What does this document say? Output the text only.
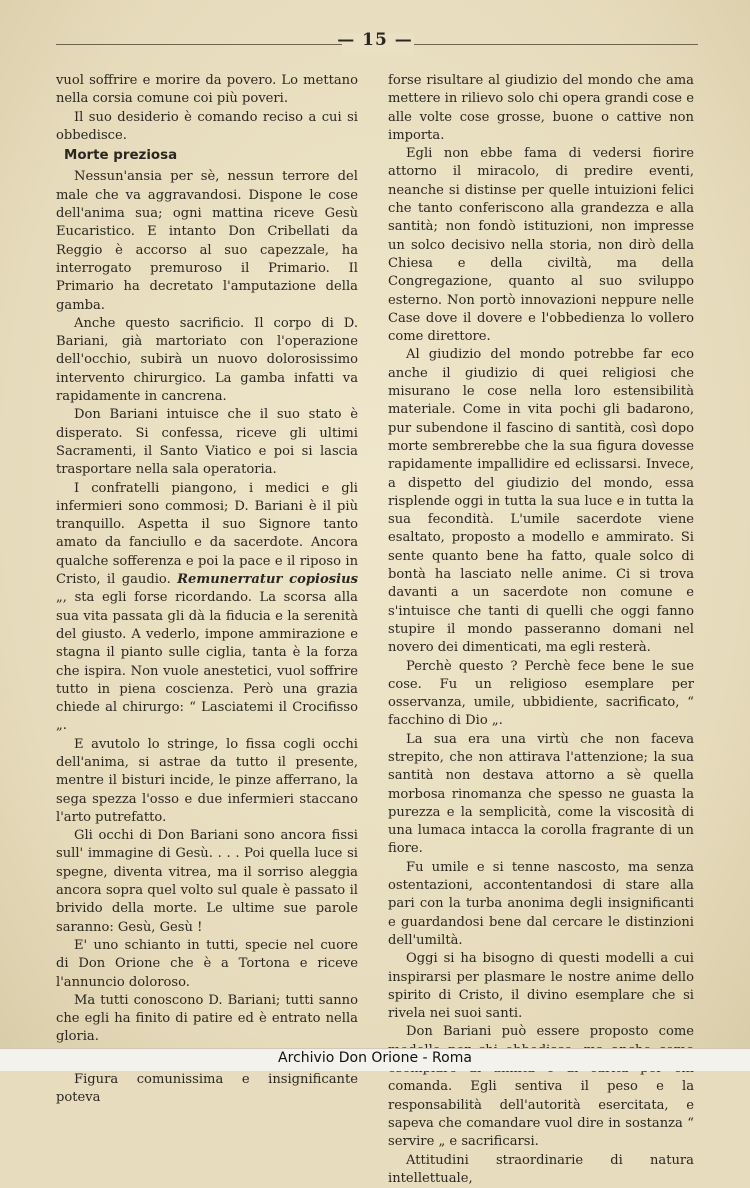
— 15 —

vuol soffrire e morire da povero. Lo mettano nella corsia comune coi più poveri.

Il suo desiderio è comando reciso a cui si obbedisce.

Morte preziosa

Nessun'ansia per sè, nessun terrore del male che va aggravandosi. Dispone le cose dell'anima sua; ogni mattina riceve Gesù Eucaristico. E intanto Don Cribellati da Reggio è accorso al suo capezzale, ha interrogato premuroso il Primario. Il Primario ha decretato l'amputazione della gamba.

Anche questo sacrificio. Il corpo di D. Bariani, già martoriato con l'operazione dell'occhio, subirà un nuovo dolorosissimo intervento chirurgico. La gamba infatti va rapidamente in cancrena.

Don Bariani intuisce che il suo stato è disperato. Si confessa, riceve gli ultimi Sacramenti, il Santo Viatico e poi si lascia trasportare nella sala operatoria.

I confratelli piangono, i medici e gli infermieri sono commosi; D. Bariani è il più tranquillo. Aspetta il suo Signore tanto amato da fanciullo e da sacerdote. Ancora qualche sofferenza e poi la pace e il riposo in Cristo, il gaudio. Remunerratur copiosius „, sta egli forse ricordando. La scorsa alla sua vita passata gli dà la fiducia e la serenità del giusto. A vederlo, impone ammirazione e stagna il pianto sulle ciglia, tanta è la forza che ispira. Non vuole anestetici, vuol soffrire tutto in piena coscienza. Però una grazia chiede al chirurgo: “ Lasciatemi il Crocifisso „.

E avutolo lo stringe, lo fissa cogli occhi dell'anima, si astrae da tutto il presente, mentre il bisturi incide, le pinze afferrano, la sega spezza l'osso e due infermieri staccano l'arto putrefatto.

Gli occhi di Don Bariani sono ancora fissi sull' immagine di Gesù. . . . Poi quella luce si spegne, diventa vitrea, ma il sorriso aleggia ancora sopra quel volto sul quale è passato il brivido della morte. Le ultime sue parole saranno: Gesù, Gesù !

E' uno schianto in tutti, specie nel cuore di Don Orione che è a Tortona e riceve l'annuncio doloroso.

Ma tutti conoscono D. Bariani; tutti sanno che egli ha finito di patire ed è entrato nella gloria.

Figura comunissima e insignificante poteva

forse risultare al giudizio del mondo che ama mettere in rilievo solo chi opera grandi cose e alle volte cose grosse, buone o cattive non importa.

Egli non ebbe fama di vedersi fiorire attorno il miracolo, di predire eventi, neanche si distinse per quelle intuizioni felici che tanto conferiscono alla grandezza e alla santità; non fondò istituzioni, non impresse un solco decisivo nella storia, non dirò della Chiesa e della civiltà, ma della Congregazione, quanto al suo sviluppo esterno. Non portò innovazioni neppure nelle Case dove il dovere e l'obbedienza lo vollero come direttore.

Al giudizio del mondo potrebbe far eco anche il giudizio di quei religiosi che misurano le cose nella loro estensibilità materiale. Come in vita pochi gli badarono, pur subendone il fascino di santità, così dopo morte sembrerebbe che la sua figura dovesse rapidamente impallidire ed eclissarsi. Invece, a dispetto del giudizio del mondo, essa risplende oggi in tutta la sua luce e in tutta la sua fecondità. L'umile sacerdote viene esaltato, proposto a modello e ammirato. Si sente quanto bene ha fatto, quale solco di bontà ha lasciato nelle anime. Ci si trova davanti a un sacerdote non comune e s'intuisce che tanti di quelli che oggi fanno stupire il mondo passeranno domani nel novero dei dimenticati, ma egli resterà.

Perchè questo ? Perchè fece bene le sue cose. Fu un religioso esemplare per osservanza, umile, ubbidiente, sacrificato, “ facchino di Dio „.

La sua era una virtù che non faceva strepito, che non attirava l'attenzione; la sua santità non destava attorno a sè quella morbosa rinomanza che spesso ne guasta la purezza e la semplicità, come la viscosità di una lumaca intacca la corolla fragrante di un fiore.

Fu umile e si tenne nascosto, ma senza ostentazioni, accontentandosi di stare alla pari con la turba anonima degli insignificanti e guardandosi bene dal cercare le distinzioni dell'umiltà.

Oggi si ha bisogno di questi modelli a cui inspirarsi per plasmare le nostre anime dello spirito di Cristo, il divino esemplare che si rivela nei suoi santi.

Don Bariani può essere proposto come comanda. Egli sentiva il peso e la responsabilità dell'autorità esercitata, e sapeva che comandare vuol dire in sostanza “ servire „ e sacrificarsi.

Attitudini straordinarie di natura intellettuale,

Archivio Don Orione - Roma
